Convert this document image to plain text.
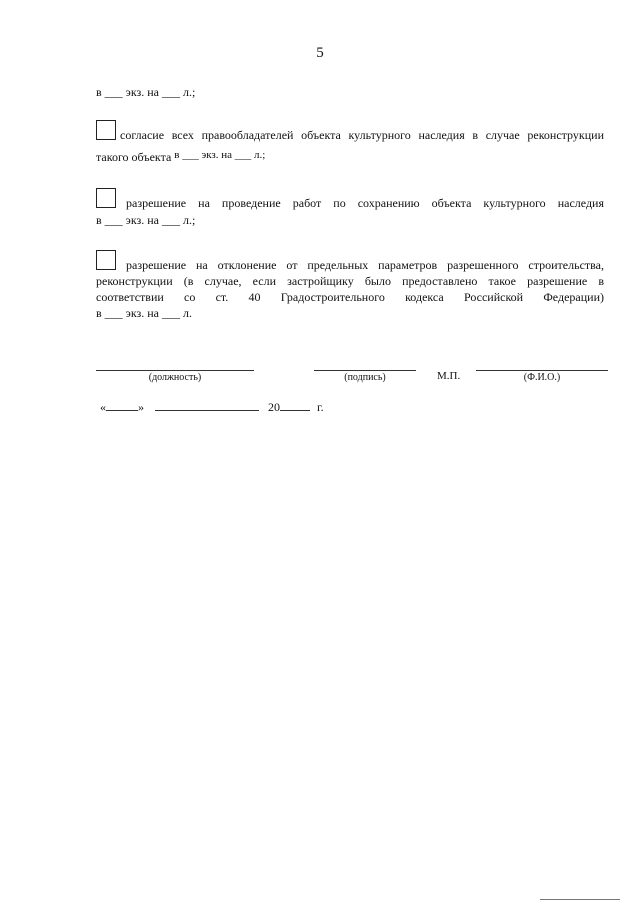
5
в ___ экз. на ___ л.;
согласие всех правообладателей объекта культурного наследия в случае реконструкции
такого объекта в ___ экз. на ___ л.;
разрешение на проведение работ по сохранению объекта культурного наследия
в ___ экз. на ___ л.;
разрешение на отклонение от предельных параметров разрешенного строительства,
реконструкции (в случае, если застройщику было предоставлено такое разрешение в
соответствии со ст. 40 Градостроительного кодекса Российской Федерации)
в ___ экз. на ___ л.
(должность)	(подпись)	М.П.	(Ф.И.О.)
«	»	20	г.
